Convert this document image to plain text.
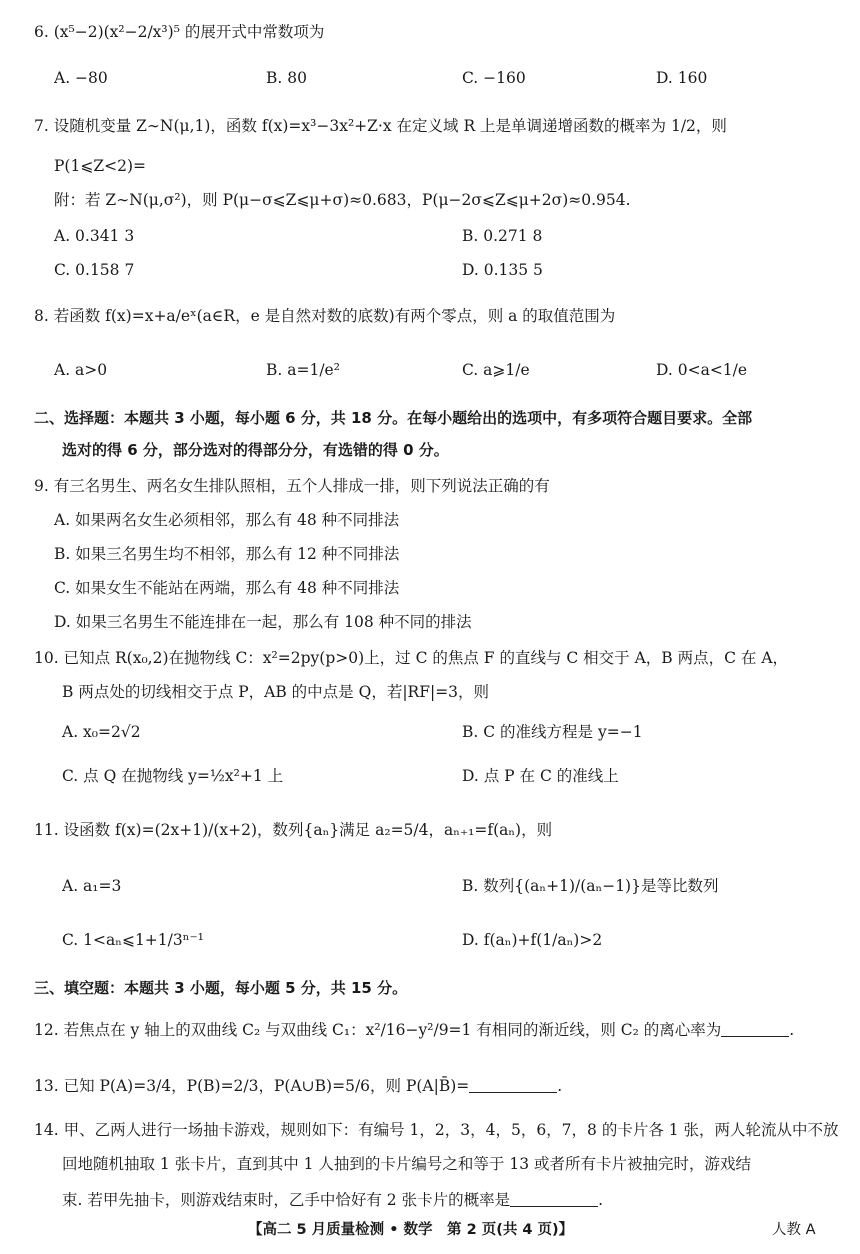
6. (x⁵−2)(x²−2/x³)⁵ 的展开式中常数项为
A. −80	B. 80	C. −160	D. 160
7. 设随机变量 Z∼N(μ,1)，函数 f(x)=x³−3x²+Z·x 在定义域 R 上是单调递增函数的概率为 1/2，则
P(1⩽Z<2)=
附：若 Z∼N(μ,σ²)，则 P(μ−σ⩽Z⩽μ+σ)≈0.683，P(μ−2σ⩽Z⩽μ+2σ)≈0.954.
A. 0.341 3	B. 0.271 8
C. 0.158 7	D. 0.135 5
8. 若函数 f(x)=x+a/eˣ(a∈R，e 是自然对数的底数)有两个零点，则 a 的取值范围为
A. a>0	B. a=1/e²	C. a⩾1/e	D. 0<a<1/e
二、选择题：本题共 3 小题，每小题 6 分，共 18 分。在每小题给出的选项中，有多项符合题目要求。全部
选对的得 6 分，部分选对的得部分分，有选错的得 0 分。
9. 有三名男生、两名女生排队照相，五个人排成一排，则下列说法正确的有
A. 如果两名女生必须相邻，那么有 48 种不同排法
B. 如果三名男生均不相邻，那么有 12 种不同排法
C. 如果女生不能站在两端，那么有 48 种不同排法
D. 如果三名男生不能连排在一起，那么有 108 种不同的排法
10. 已知点 R(x₀,2)在抛物线 C：x²=2py(p>0)上，过 C 的焦点 F 的直线与 C 相交于 A，B 两点，C 在 A，
B 两点处的切线相交于点 P，AB 的中点是 Q，若|RF|=3，则
A. x₀=2√2	B. C 的准线方程是 y=−1
C. 点 Q 在抛物线 y=½x²+1 上	D. 点 P 在 C 的准线上
11. 设函数 f(x)=(2x+1)/(x+2)，数列{aₙ}满足 a₂=5/4，aₙ₊₁=f(aₙ)，则
A. a₁=3	B. 数列{(aₙ+1)/(aₙ−1)}是等比数列
C. 1<aₙ⩽1+1/3ⁿ⁻¹	D. f(aₙ)+f(1/aₙ)>2
三、填空题：本题共 3 小题，每小题 5 分，共 15 分。
12. 若焦点在 y 轴上的双曲线 C₂ 与双曲线 C₁：x²/16−y²/9=1 有相同的渐近线，则 C₂ 的离心率为	.
13. 已知 P(A)=3/4，P(B)=2/3，P(A∪B)=5/6，则 P(A|B̄)=	.
14. 甲、乙两人进行一场抽卡游戏，规则如下：有编号 1，2，3，4，5，6，7，8 的卡片各 1 张，两人轮流从中不放
回地随机抽取 1 张卡片，直到其中 1 人抽到的卡片编号之和等于 13 或者所有卡片被抽完时，游戏结
束. 若甲先抽卡，则游戏结束时，乙手中恰好有 2 张卡片的概率是	.
【高二 5 月质量检测 • 数学　第 2 页(共 4 页)】	人教 A
